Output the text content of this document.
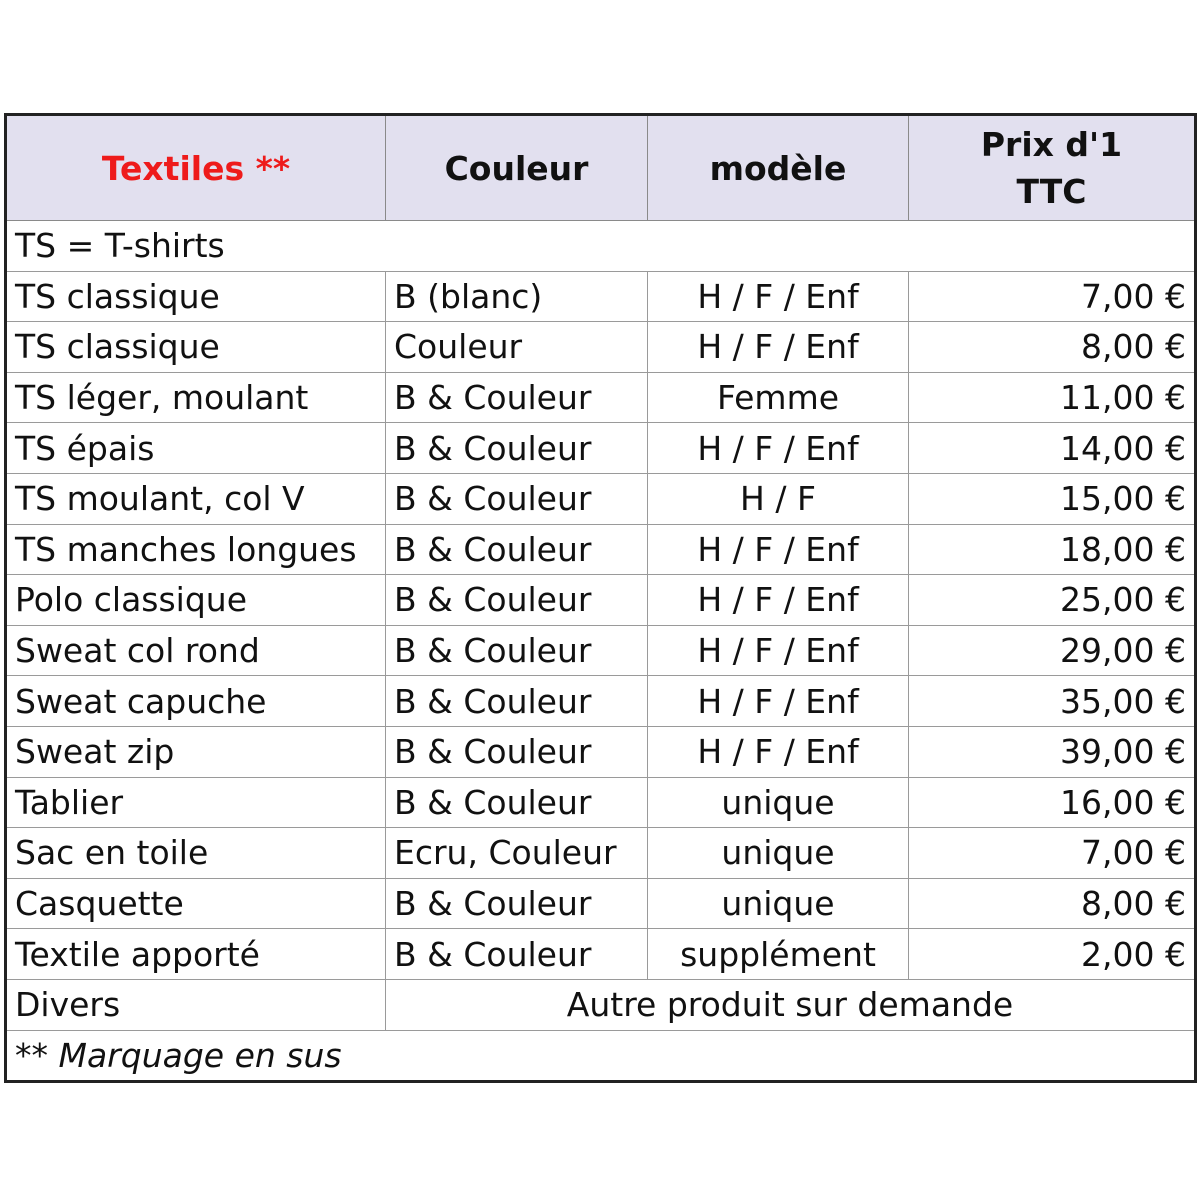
Textiles **	Couleur	modèle	Prix d'1
TTC

TS = T-shirts			
TS classique	B (blanc)	H / F / Enf	7,00 €
TS classique	Couleur	H / F / Enf	8,00 €
TS léger, moulant	B & Couleur	Femme	11,00 €
TS épais	B & Couleur	H / F / Enf	14,00 €
TS moulant, col V	B & Couleur	H / F	15,00 €
TS manches longues	B & Couleur	H / F / Enf	18,00 €
Polo classique	B & Couleur	H / F / Enf	25,00 €
Sweat col rond	B & Couleur	H / F / Enf	29,00 €
Sweat capuche	B & Couleur	H / F / Enf	35,00 €
Sweat zip	B & Couleur	H / F / Enf	39,00 €
Tablier	B & Couleur	unique	16,00 €
Sac en toile	Ecru, Couleur	unique	7,00 €
Casquette	B & Couleur	unique	8,00 €
Textile apporté	B & Couleur	supplément	2,00 €
Divers	Autre produit sur demande		
** Marquage en sus			
